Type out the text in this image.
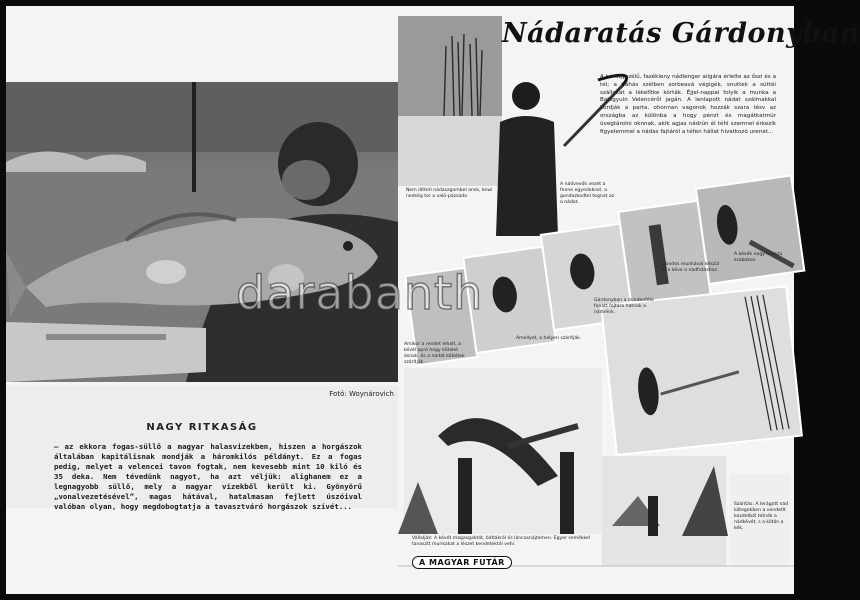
Fotó: Woynárovich
NAGY RITKASÁG
— az ekkora fogas-süllő a magyar halasvizekben, hiszen a horgászok általában kapitálisnak mondják a háromkilós példányt. Ez a fogas pedig, melyet a velencei tavon fogtak, nem kevesebb mint 10 kiló és 35 deka. Nem tévedünk nagyot, ha azt véljük: alighanem ez a legnagyobb süllő, mely a magyar vizekből került ki. Gyönyörű „vonalvezetésével”, magas hátával, hatalmasan fejlett úszóival valóban olyan, hogy megdobogtatja a tavasztváró horgászok szívét...
Nádaratás Gárdonyban
A hóraqyszélű, fazékleny nádlenger aiigára érlelte az őszi és a tél; a tiáhás szélben sorbeavá végigék, snuttek a súttéi szállokat a lékefítke kórták. Éjjel-nappal folyik a munka a Balogyuin Velencéről jagán. A lenlapott nádat szálmakkal kordják a parta, ohonnan vagonok hozzák szara tésv az országba az különba a hogy pénzt és magátkatmúr üvegtárolni oknnak, akik agjas nádrún él téhl szemnel érkezik figyelemmel a nádas fajtáról a téfen hállat hivatkozó urenat...
Nem lőtteti nádaszgambel ansk, kewi nedség tor a való-pázsáda
A nádvevők vezet a fenne egyedaknel, a gondazkodtel tegnat az a nádat.
Amikor a rendet lehalt, a kévél apró hogy kötelet ásnak, és a nádat kötetlek szárítják.
Gárdonyban a mindenféle fonott fajtára hatnak a nádvénk.
Gondos munkával készül el a kéve a nádfutáshoz.
A kévék nagy hosszú zsabokon
Amellyet, a helyen szárítják.
Vállalják: A kévét magasgaktót, bátlákról és láncosnájtemen. Egyer semékkel tavasztt munkakat a lészet kendetektól vehi.
Szárítás: A lerágott nád kötegekben a vendetlt kezdetből tetnék a nádkévét, s a kötőn a kék.
A MAGYAR FUTÁR
darabanth
